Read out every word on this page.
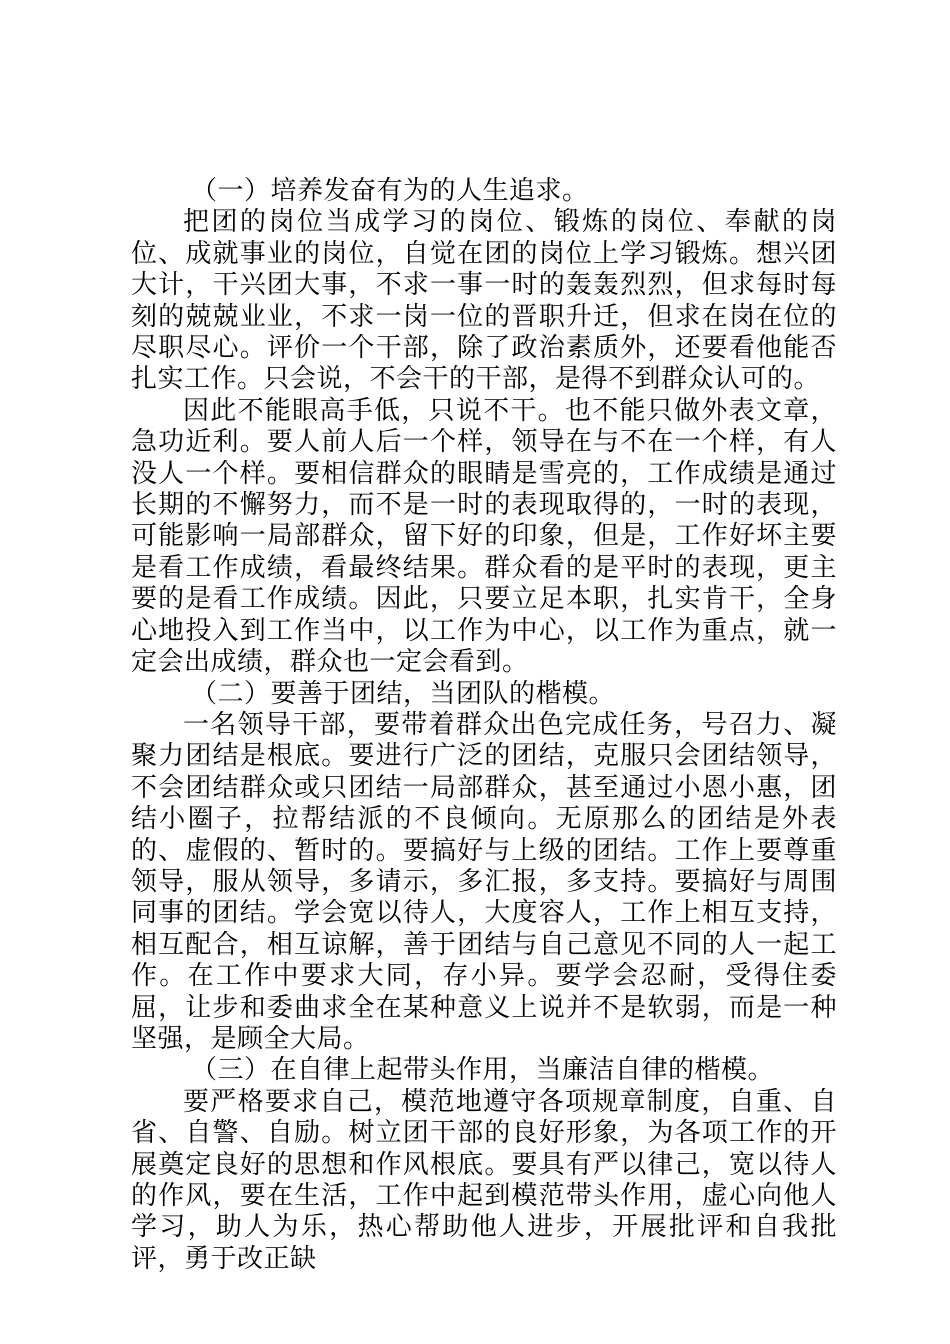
（一）培养发奋有为的人生追求。

把团的岗位当成学习的岗位、锻炼的岗位、奉献的岗位、成就事业的岗位，自觉在团的岗位上学习锻炼。想兴团大计，干兴团大事，不求一事一时的轰轰烈烈，但求每时每刻的兢兢业业，不求一岗一位的晋职升迁，但求在岗在位的尽职尽心。评价一个干部，除了政治素质外，还要看他能否扎实工作。只会说，不会干的干部，是得不到群众认可的。

因此不能眼高手低，只说不干。也不能只做外表文章，急功近利。要人前人后一个样，领导在与不在一个样，有人没人一个样。要相信群众的眼睛是雪亮的，工作成绩是通过长期的不懈努力，而不是一时的表现取得的，一时的表现，可能影响一局部群众，留下好的印象，但是，工作好坏主要是看工作成绩，看最终结果。群众看的是平时的表现，更主要的是看工作成绩。因此，只要立足本职，扎实肯干，全身心地投入到工作当中，以工作为中心，以工作为重点，就一定会出成绩，群众也一定会看到。

（二）要善于团结，当团队的楷模。

一名领导干部，要带着群众出色完成任务，号召力、凝聚力团结是根底。要进行广泛的团结，克服只会团结领导，不会团结群众或只团结一局部群众，甚至通过小恩小惠，团结小圈子，拉帮结派的不良倾向。无原那么的团结是外表的、虚假的、暂时的。要搞好与上级的团结。工作上要尊重领导，服从领导，多请示，多汇报，多支持。要搞好与周围同事的团结。学会宽以待人，大度容人，工作上相互支持，相互配合，相互谅解，善于团结与自己意见不同的人一起工作。在工作中要求大同，存小异。要学会忍耐，受得住委屈，让步和委曲求全在某种意义上说并不是软弱，而是一种坚强，是顾全大局。

（三）在自律上起带头作用，当廉洁自律的楷模。

要严格要求自己，模范地遵守各项规章制度，自重、自省、自警、自励。树立团干部的良好形象，为各项工作的开展奠定良好的思想和作风根底。要具有严以律己，宽以待人的作风，要在生活，工作中起到模范带头作用，虚心向他人学习，助人为乐，热心帮助他人进步，开展批评和自我批评，勇于改正缺
